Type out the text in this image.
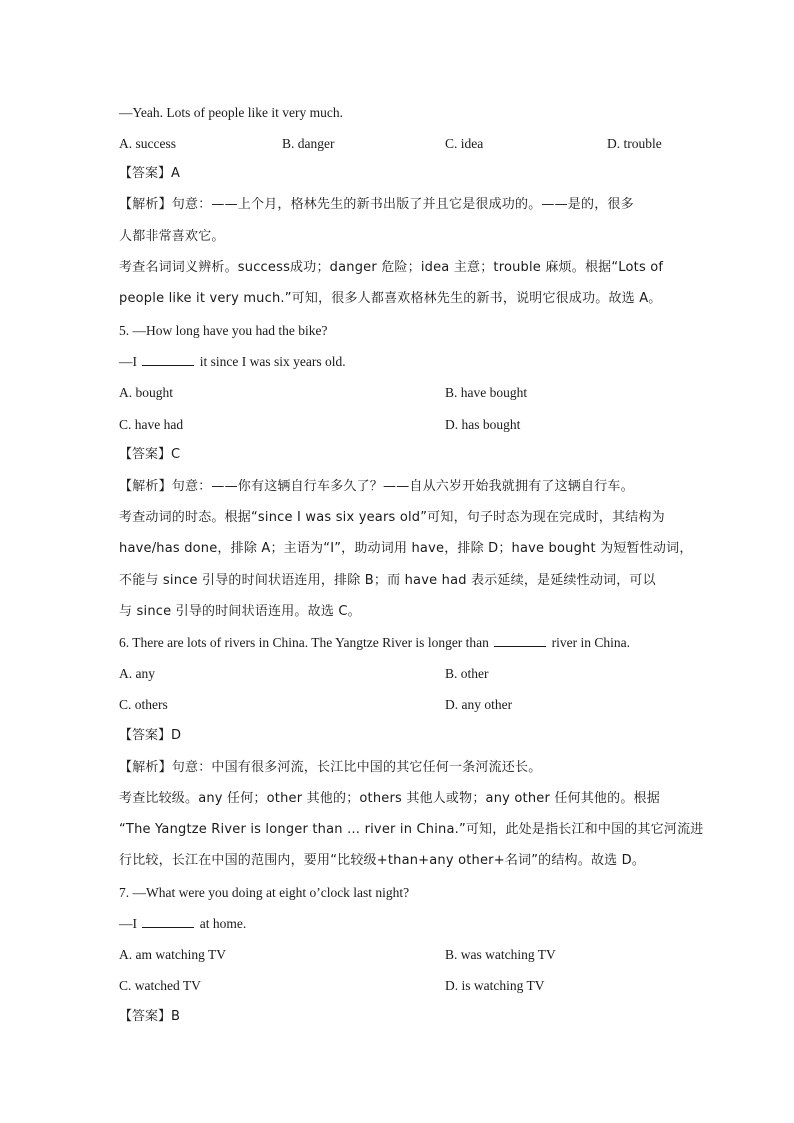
—Yeah. Lots of people like it very much.
A. success	B. danger	C. idea	D. trouble
【答案】A
【解析】句意：——上个月，格林先生的新书出版了并且它是很成功的。——是的，很多
人都非常喜欢它。
考查名词词义辨析。success成功；danger 危险；idea 主意；trouble 麻烦。根据“Lots of
people like it very much.”可知，很多人都喜欢格林先生的新书，说明它很成功。故选 A。
5. —How long have you had the bike?
—I	it since I was six years old.
A. bought	B. have bought
C. have had	D. has bought
【答案】C
【解析】句意：——你有这辆自行车多久了？——自从六岁开始我就拥有了这辆自行车。
考查动词的时态。根据“since I was six years old”可知，句子时态为现在完成时，其结构为
have/has done，排除 A；主语为“I”，助动词用 have，排除 D；have bought 为短暂性动词，
不能与 since 引导的时间状语连用，排除 B；而 have had 表示延续，是延续性动词，可以
与 since 引导的时间状语连用。故选 C。
6. There are lots of rivers in China. The Yangtze River is longer than	river in China.
A. any	B. other
C. others	D. any other
【答案】D
【解析】句意：中国有很多河流，长江比中国的其它任何一条河流还长。
考查比较级。any 任何；other 其他的；others 其他人或物；any other 任何其他的。根据
“The Yangtze River is longer than … river in China.”可知，此处是指长江和中国的其它河流进
行比较，长江在中国的范围内，要用“比较级+than+any other+名词”的结构。故选 D。
7. —What were you doing at eight o’clock last night?
—I	at home.
A. am watching TV	B. was watching TV
C. watched TV	D. is watching TV
【答案】B
